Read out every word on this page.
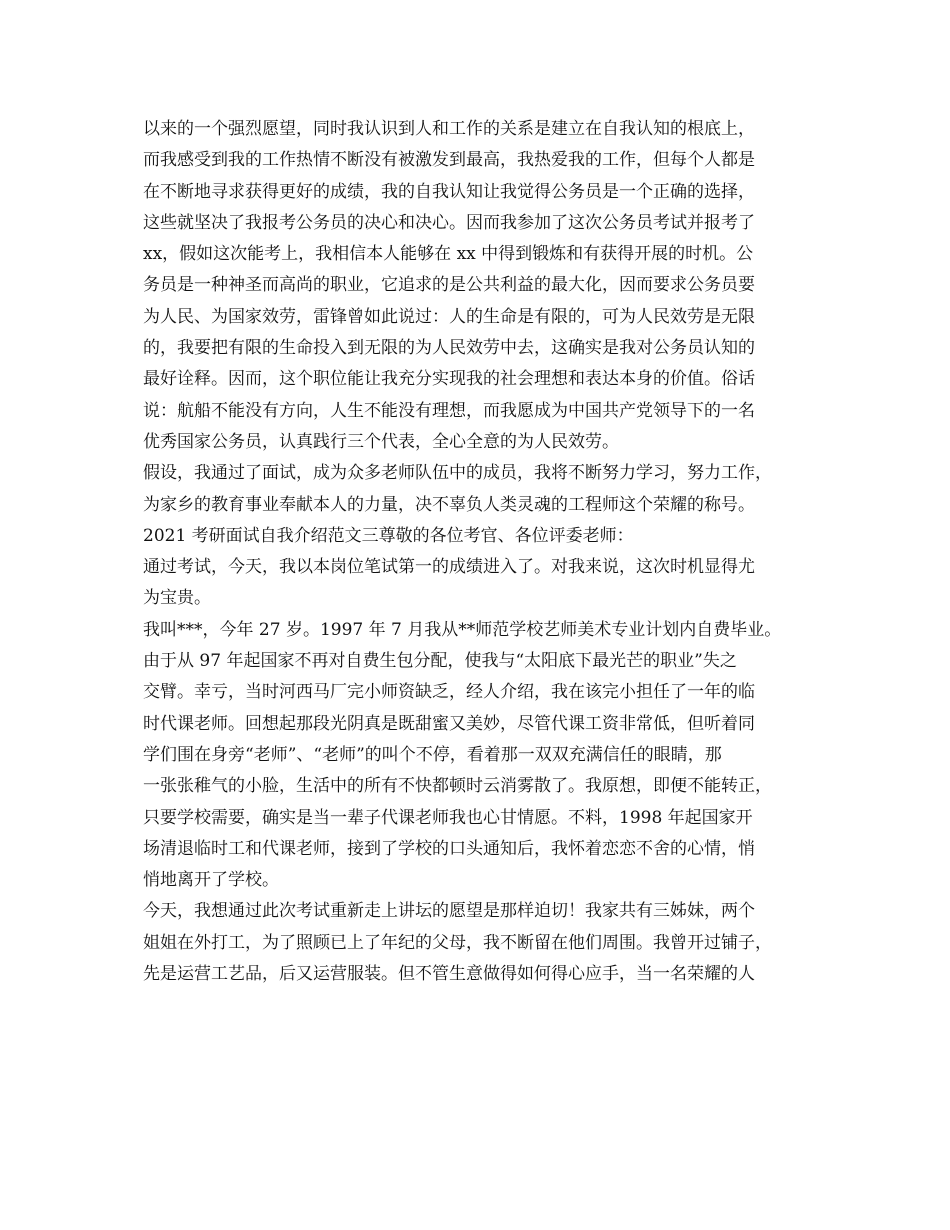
以来的一个强烈愿望，同时我认识到人和工作的关系是建立在自我认知的根底上，
而我感受到我的工作热情不断没有被激发到最高，我热爱我的工作，但每个人都是
在不断地寻求获得更好的成绩，我的自我认知让我觉得公务员是一个正确的选择，
这些就坚决了我报考公务员的决心和决心。因而我参加了这次公务员考试并报考了
xx，假如这次能考上，我相信本人能够在 xx 中得到锻炼和有获得开展的时机。公
务员是一种神圣而高尚的职业，它追求的是公共利益的最大化，因而要求公务员要
为人民、为国家效劳，雷锋曾如此说过：人的生命是有限的，可为人民效劳是无限
的，我要把有限的生命投入到无限的为人民效劳中去，这确实是我对公务员认知的
最好诠释。因而，这个职位能让我充分实现我的社会理想和表达本身的价值。俗话
说：航船不能没有方向，人生不能没有理想，而我愿成为中国共产党领导下的一名
优秀国家公务员，认真践行三个代表，全心全意的为人民效劳。
假设，我通过了面试，成为众多老师队伍中的成员，我将不断努力学习，努力工作，
为家乡的教育事业奉献本人的力量，决不辜负人类灵魂的工程师这个荣耀的称号。
2021 考研面试自我介绍范文三尊敬的各位考官、各位评委老师：
通过考试，今天，我以本岗位笔试第一的成绩进入了。对我来说，这次时机显得尤
为宝贵。
我叫***，今年 27 岁。1997 年 7 月我从**师范学校艺师美术专业计划内自费毕业。
由于从 97 年起国家不再对自费生包分配，使我与“太阳底下最光芒的职业”失之
交臂。幸亏，当时河西马厂完小师资缺乏，经人介绍，我在该完小担任了一年的临
时代课老师。回想起那段光阴真是既甜蜜又美妙，尽管代课工资非常低，但听着同
学们围在身旁“老师”、“老师”的叫个不停，看着那一双双充满信任的眼睛，那
一张张稚气的小脸，生活中的所有不快都顿时云消雾散了。我原想，即便不能转正，
只要学校需要，确实是当一辈子代课老师我也心甘情愿。不料，1998 年起国家开
场清退临时工和代课老师，接到了学校的口头通知后，我怀着恋恋不舍的心情，悄
悄地离开了学校。
今天，我想通过此次考试重新走上讲坛的愿望是那样迫切！我家共有三姊妹，两个
姐姐在外打工，为了照顾已上了年纪的父母，我不断留在他们周围。我曾开过铺子，
先是运营工艺品，后又运营服装。但不管生意做得如何得心应手，当一名荣耀的人
